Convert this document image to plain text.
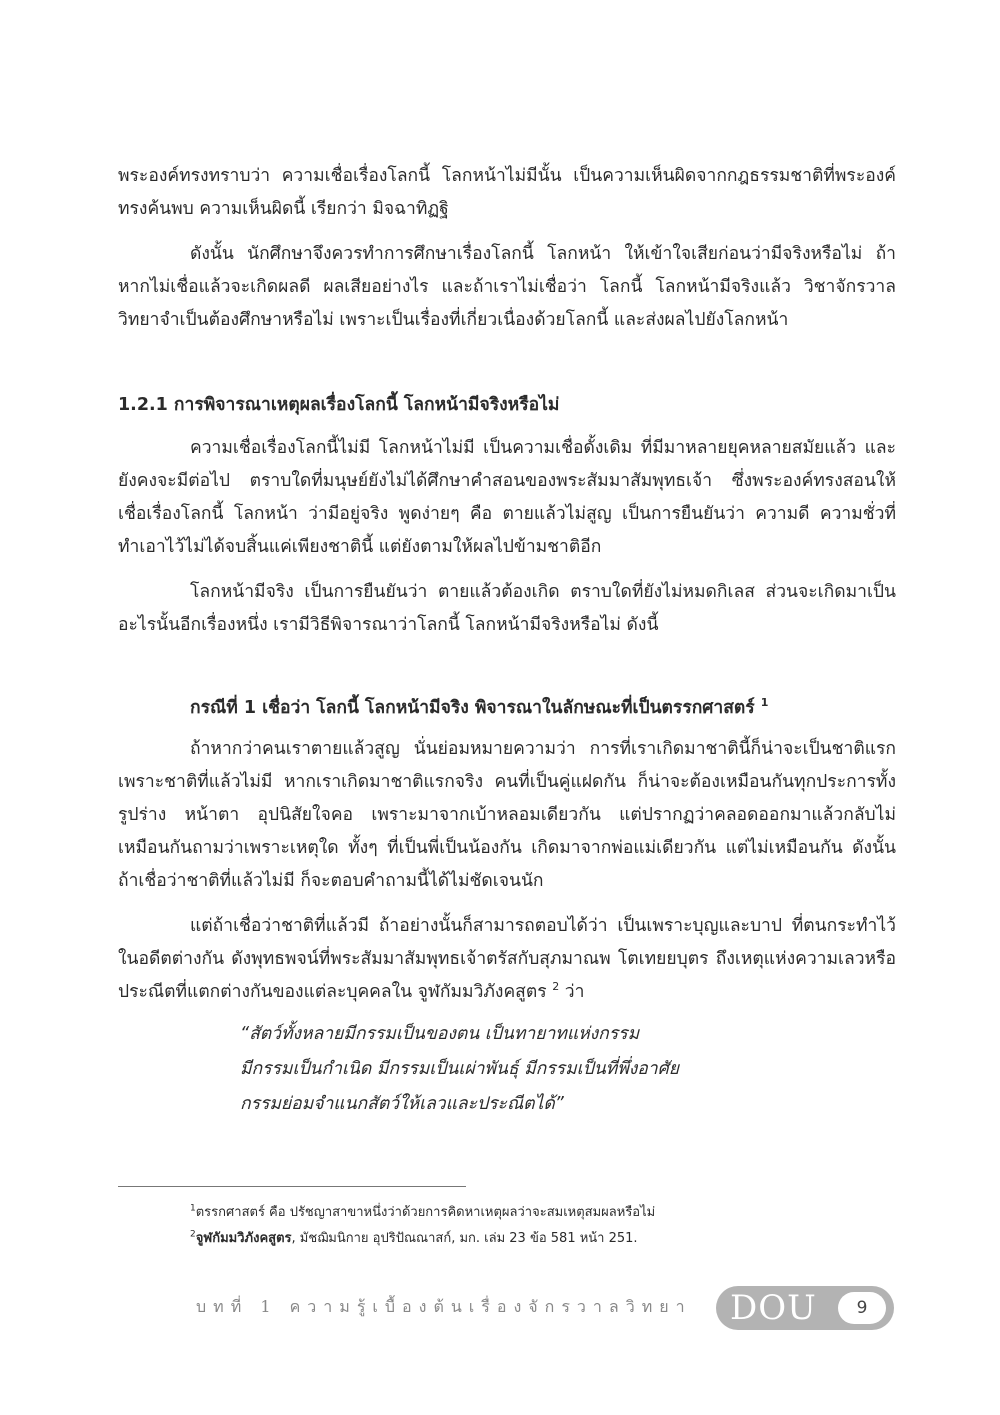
พระองค์ทรงทราบว่า ความเชื่อเรื่องโลกนี้ โลกหน้าไม่มีนั้น เป็นความเห็นผิดจากกฎธรรมชาติที่พระองค์ทรงค้นพบ ความเห็นผิดนี้ เรียกว่า มิจฉาทิฏฐิ

ดังนั้น นักศึกษาจึงควรทำการศึกษาเรื่องโลกนี้ โลกหน้า ให้เข้าใจเสียก่อนว่ามีจริงหรือไม่ ถ้าหากไม่เชื่อแล้วจะเกิดผลดี ผลเสียอย่างไร และถ้าเราไม่เชื่อว่า โลกนี้ โลกหน้ามีจริงแล้ว วิชาจักรวาลวิทยาจำเป็นต้องศึกษาหรือไม่ เพราะเป็นเรื่องที่เกี่ยวเนื่องด้วยโลกนี้ และส่งผลไปยังโลกหน้า

1.2.1 การพิจารณาเหตุผลเรื่องโลกนี้ โลกหน้ามีจริงหรือไม่

ความเชื่อเรื่องโลกนี้ไม่มี โลกหน้าไม่มี เป็นความเชื่อดั้งเดิม ที่มีมาหลายยุคหลายสมัยแล้ว และยังคงจะมีต่อไป ตราบใดที่มนุษย์ยังไม่ได้ศึกษาคำสอนของพระสัมมาสัมพุทธเจ้า ซึ่งพระองค์ทรงสอนให้เชื่อเรื่องโลกนี้ โลกหน้า ว่ามีอยู่จริง พูดง่ายๆ คือ ตายแล้วไม่สูญ เป็นการยืนยันว่า ความดี ความชั่วที่ทำเอาไว้ไม่ได้จบสิ้นแค่เพียงชาตินี้ แต่ยังตามให้ผลไปข้ามชาติอีก

โลกหน้ามีจริง เป็นการยืนยันว่า ตายแล้วต้องเกิด ตราบใดที่ยังไม่หมดกิเลส ส่วนจะเกิดมาเป็นอะไรนั้นอีกเรื่องหนึ่ง เรามีวิธีพิจารณาว่าโลกนี้ โลกหน้ามีจริงหรือไม่ ดังนี้

กรณีที่ 1 เชื่อว่า โลกนี้ โลกหน้ามีจริง พิจารณาในลักษณะที่เป็นตรรกศาสตร์ $^1$

ถ้าหากว่าคนเราตายแล้วสูญ นั่นย่อมหมายความว่า การที่เราเกิดมาชาตินี้ก็น่าจะเป็นชาติแรกเพราะชาติที่แล้วไม่มี หากเราเกิดมาชาติแรกจริง คนที่เป็นคู่แฝดกัน ก็น่าจะต้องเหมือนกันทุกประการทั้งรูปร่าง หน้าตา อุปนิสัยใจคอ เพราะมาจากเบ้าหลอมเดียวกัน แต่ปรากฏว่าคลอดออกมาแล้วกลับไม่เหมือนกันถามว่าเพราะเหตุใด ทั้งๆ ที่เป็นพี่เป็นน้องกัน เกิดมาจากพ่อแม่เดียวกัน แต่ไม่เหมือนกัน ดังนั้นถ้าเชื่อว่าชาติที่แล้วไม่มี ก็จะตอบคำถามนี้ได้ไม่ชัดเจนนัก

แต่ถ้าเชื่อว่าชาติที่แล้วมี ถ้าอย่างนั้นก็สามารถตอบได้ว่า เป็นเพราะบุญและบาป ที่ตนกระทำไว้ในอดีตต่างกัน ดังพุทธพจน์ที่พระสัมมาสัมพุทธเจ้าตรัสกับสุภมาณพ โตเทยยบุตร ถึงเหตุแห่งความเลวหรือประณีตที่แตกต่างกันของแต่ละบุคคลใน จูฬกัมมวิภังคสูตร $^2$ ว่า

“สัตว์ทั้งหลายมีกรรมเป็นของตน เป็นทายาทแห่งกรรม
มีกรรมเป็นกำเนิด มีกรรมเป็นเผ่าพันธุ์ มีกรรมเป็นที่พึ่งอาศัย
กรรมย่อมจำแนกสัตว์ให้เลวและประณีตได้”
$^1$ตรรกศาสตร์ คือ ปรัชญาสาขาหนึ่งว่าด้วยการคิดหาเหตุผลว่าจะสมเหตุสมผลหรือไม่
$^2$จูฬกัมมวิภังคสูตร, มัชฌิมนิกาย อุปริปัณณาสก์, มก. เล่ม 23 ข้อ 581 หน้า 251.
บทที่ 1 ความรู้เบื้องต้นเรื่องจักรวาลวิทยา DOU	9
